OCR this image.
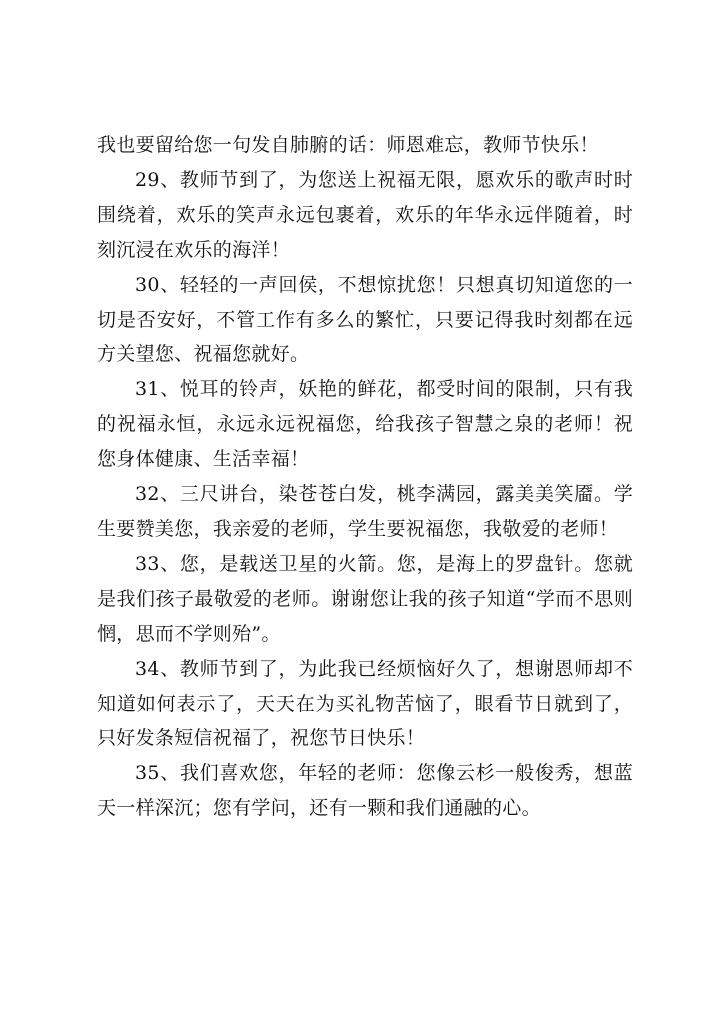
我也要留给您一句发自肺腑的话：师恩难忘，教师节快乐！

29、教师节到了，为您送上祝福无限，愿欢乐的歌声时时围绕着，欢乐的笑声永远包裹着，欢乐的年华永远伴随着，时刻沉浸在欢乐的海洋！

30、轻轻的一声回侯，不想惊扰您！只想真切知道您的一切是否安好，不管工作有多么的繁忙，只要记得我时刻都在远方关望您、祝福您就好。

31、悦耳的铃声，妖艳的鲜花，都受时间的限制，只有我的祝福永恒，永远永远祝福您，给我孩子智慧之泉的老师！祝您身体健康、生活幸福！

32、三尺讲台，染苍苍白发，桃李满园，露美美笑靥。学生要赞美您，我亲爱的老师，学生要祝福您，我敬爱的老师！

33、您，是载送卫星的火箭。您，是海上的罗盘针。您就是我们孩子最敬爱的老师。谢谢您让我的孩子知道“学而不思则惘，思而不学则殆”。

34、教师节到了，为此我已经烦恼好久了，想谢恩师却不知道如何表示了，天天在为买礼物苦恼了，眼看节日就到了，只好发条短信祝福了，祝您节日快乐！

35、我们喜欢您，年轻的老师：您像云杉一般俊秀，想蓝天一样深沉；您有学问，还有一颗和我们通融的心。
